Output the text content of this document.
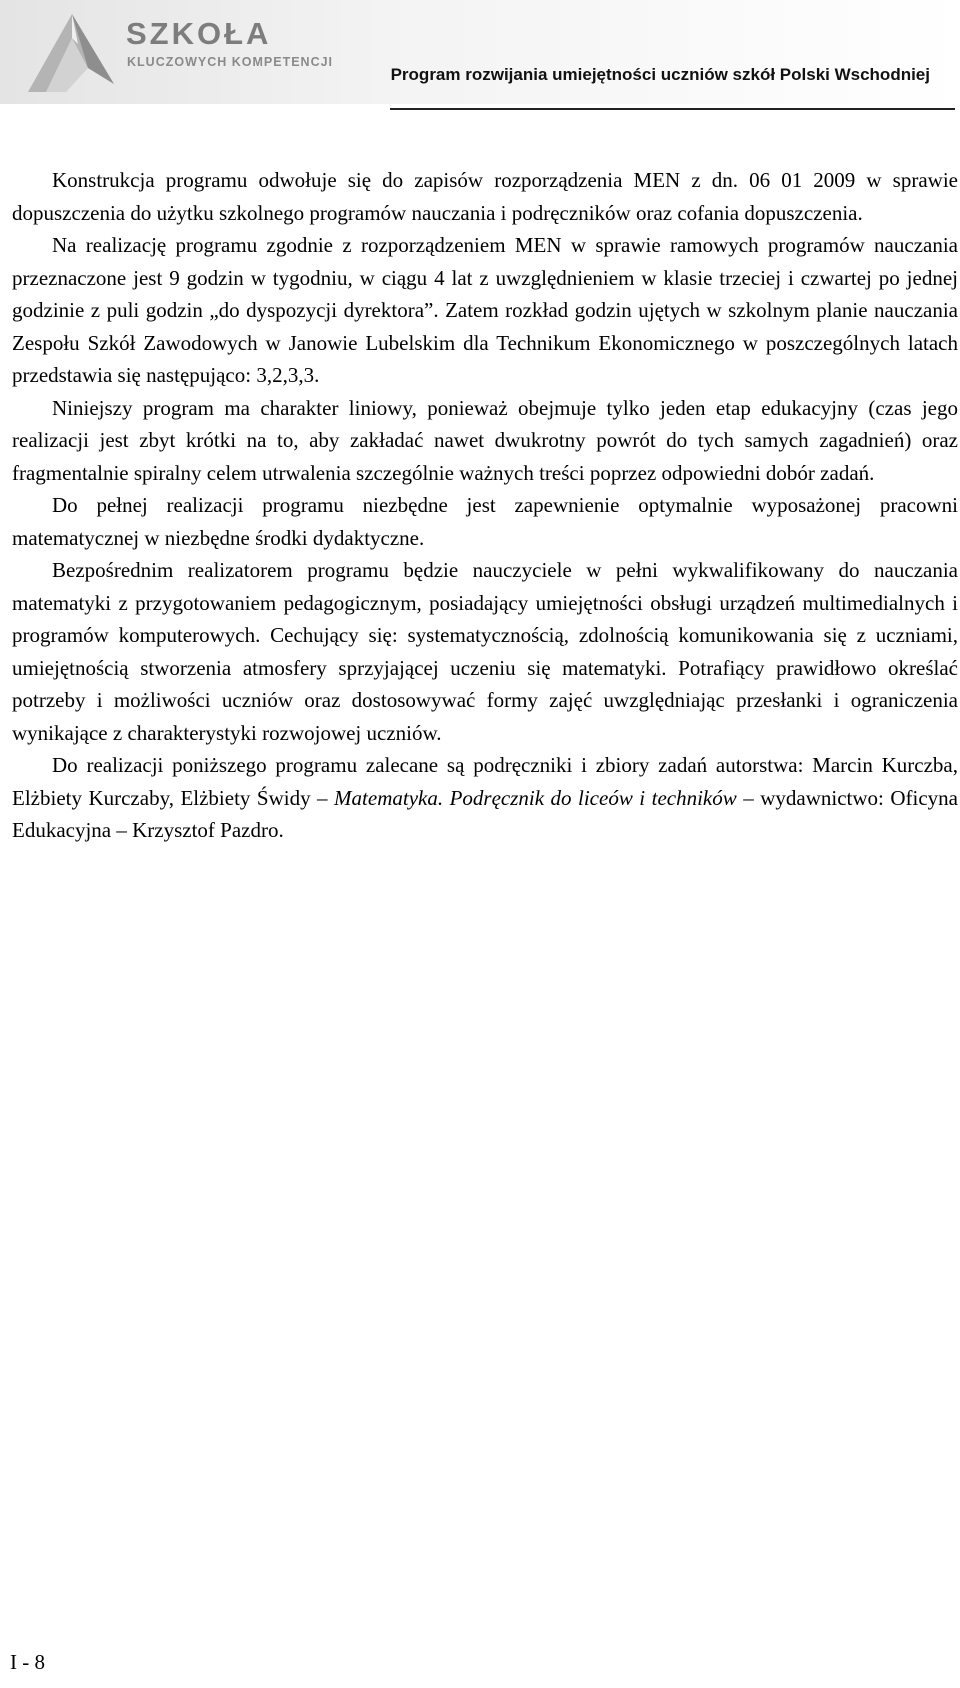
SZKOŁA
KLUCZOWYCH KOMPETENCJI
Program rozwijania umiejętności uczniów szkół Polski Wschodniej

Konstrukcja programu odwołuje się do zapisów rozporządzenia MEN z dn. 06 01 2009 w sprawie dopuszczenia do użytku szkolnego programów nauczania i podręczników oraz cofania dopuszczenia.

Na realizację programu zgodnie z rozporządzeniem MEN w sprawie ramowych programów nauczania przeznaczone jest 9 godzin w tygodniu, w ciągu 4 lat z uwzględnieniem w klasie trzeciej i czwartej po jednej godzinie z puli godzin „do dyspozycji dyrektora”. Zatem rozkład godzin ujętych w szkolnym planie nauczania Zespołu Szkół Zawodowych w Janowie Lubelskim dla Technikum Ekonomicznego w poszczególnych latach przedstawia się następująco: 3,2,3,3.

Niniejszy program ma charakter liniowy, ponieważ obejmuje tylko jeden etap edukacyjny (czas jego realizacji jest zbyt krótki na to, aby zakładać nawet dwukrotny powrót do tych samych zagadnień) oraz fragmentalnie spiralny celem utrwalenia szczególnie ważnych treści poprzez odpowiedni dobór zadań.

Do pełnej realizacji programu niezbędne jest zapewnienie optymalnie wyposażonej pracowni matematycznej w niezbędne środki dydaktyczne.

Bezpośrednim realizatorem programu będzie nauczyciele w pełni wykwalifikowany do nauczania matematyki z przygotowaniem pedagogicznym, posiadający umiejętności obsługi urządzeń multimedialnych i programów komputerowych. Cechujący się: systematycznością, zdolnością komunikowania się z uczniami, umiejętnością stworzenia atmosfery sprzyjającej uczeniu się matematyki. Potrafiący prawidłowo określać potrzeby i możliwości uczniów oraz dostosowywać formy zajęć uwzględniając przesłanki i ograniczenia wynikające z charakterystyki rozwojowej uczniów.

Do realizacji poniższego programu zalecane są podręczniki i zbiory zadań autorstwa: Marcin Kurczba, Elżbiety Kurczaby, Elżbiety Świdy – Matematyka. Podręcznik do liceów i techników – wydawnictwo: Oficyna Edukacyjna – Krzysztof Pazdro.

I - 8
